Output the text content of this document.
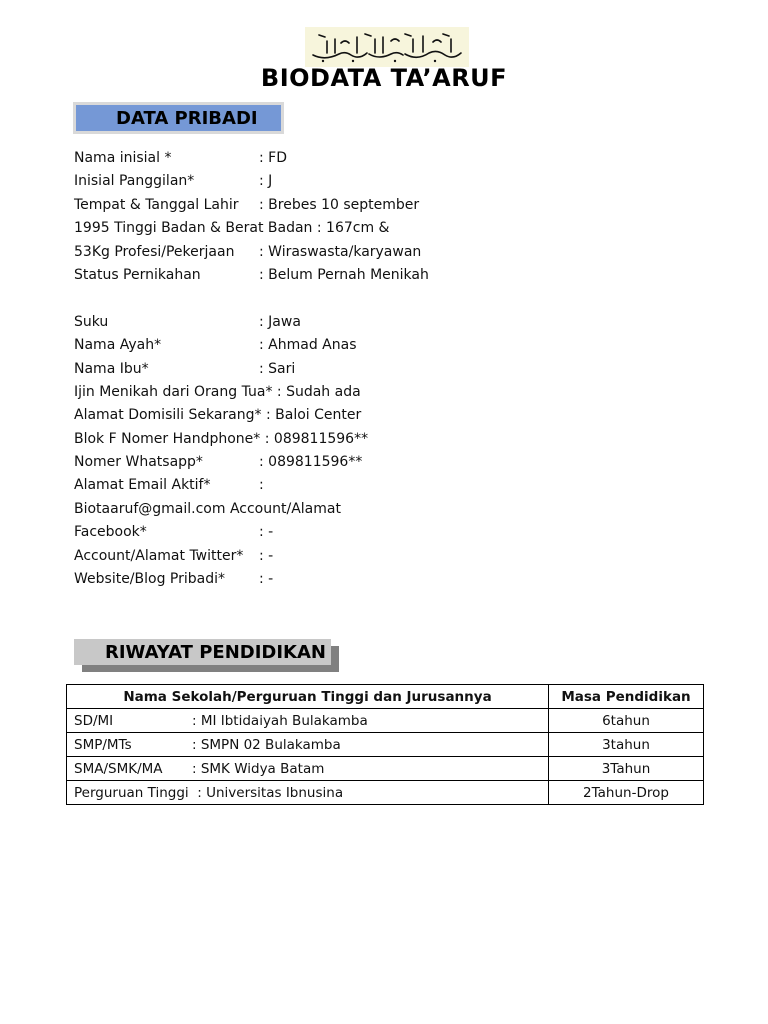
BIODATA TA’ARUF
DATA PRIBADI
Nama inisial *	: FD
Inisial Panggilan*	: J
Tempat & Tanggal Lahir : Brebes 10 september
1995 Tinggi Badan & Berat Badan : 167cm &
53Kg Profesi/Pekerjaan : Wiraswasta/karyawan
Status Pernikahan	: Belum Pernah Menikah
Suku	: Jawa
Nama Ayah*	: Ahmad Anas
Nama Ibu*	: Sari
Ijin Menikah dari Orang Tua* : Sudah ada
Alamat Domisili Sekarang* : Baloi Center
Blok F Nomer Handphone* : 089811596**
Nomer Whatsapp*	: 089811596**
Alamat Email Aktif*	:
Biotaaruf@gmail.com Account/Alamat
Facebook*	: -
Account/Alamat Twitter* : -
Website/Blog Pribadi* : -
RIWAYAT PENDIDIKAN
Nama Sekolah/Perguruan Tinggi dan Jurusannya	Masa Pendidikan
SD/MI : MI Ibtidaiyah Bulakamba	6tahun
SMP/MTs : SMPN 02 Bulakamba	3tahun
SMA/SMK/MA : SMK Widya Batam	3Tahun
Perguruan Tinggi : Universitas Ibnusina	2Tahun-Drop
